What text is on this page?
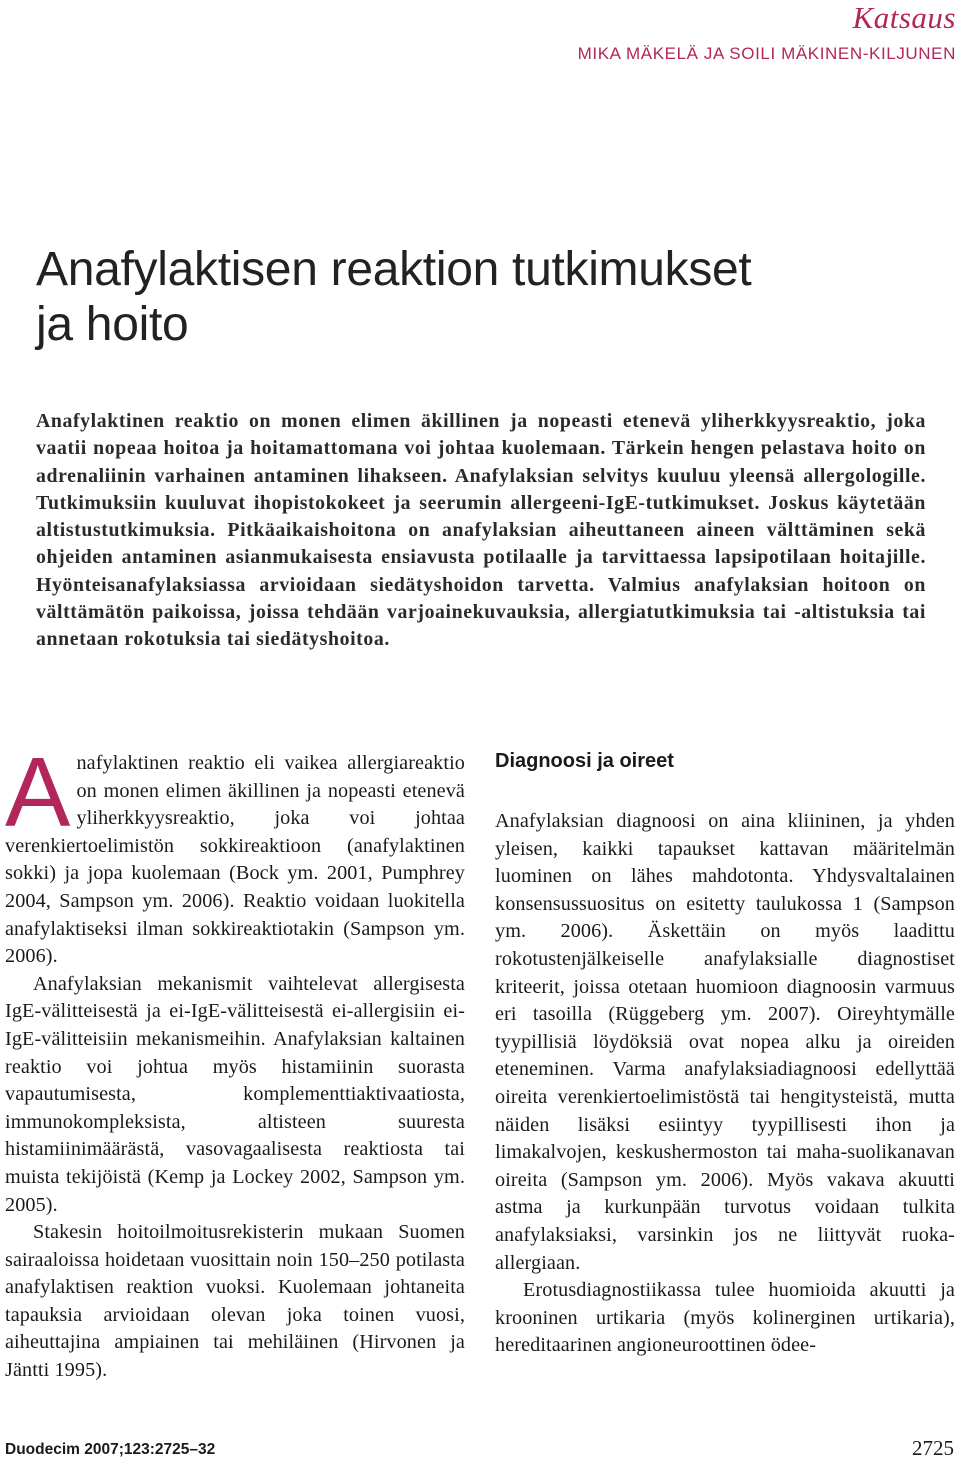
Katsaus
MIKA MÄKELÄ JA SOILI MÄKINEN-KILJUNEN
Anafylaktisen reaktion tutkimukset
ja hoito

Anafylaktinen reaktio on monen elimen äkillinen ja nopeasti etenevä yliherkkyysreaktio, joka vaatii nopeaa hoitoa ja hoitamattomana voi johtaa kuolemaan. Tärkein hengen pelastava hoito on adrenaliinin varhainen antaminen lihakseen. Anafylaksian selvitys kuuluu yleensä allergologille. Tutkimuksiin kuuluvat ihopistokokeet ja seerumin allergeeni-IgE-tutkimukset. Joskus käytetään altistustutkimuksia. Pitkäaikaishoitona on anafylaksian aiheuttaneen aineen välttäminen sekä ohjeiden antaminen asianmukaisesta ensiavusta potilaalle ja tarvittaessa lapsipotilaan hoitajille. Hyönteisanafylaksiassa arvioidaan siedätyshoidon tarvetta. Valmius anafylaksian hoitoon on välttämätön paikoissa, joissa tehdään varjoainekuvauksia, allergiatutkimuksia tai -altistuksia tai annetaan rokotuksia tai siedätyshoitoa.

Anafylaktinen reaktio eli vaikea allergiareaktio on monen elimen äkillinen ja nopeasti etenevä yliherkkyysreaktio, joka voi johtaa verenkiertoelimistön sokkireaktioon (anafylaktinen sokki) ja jopa kuolemaan (Bock ym. 2001, Pumphrey 2004, Sampson ym. 2006). Reaktio voidaan luokitella anafylaktiseksi ilman sokkireaktiotakin (Sampson ym. 2006).

Anafylaksian mekanismit vaihtelevat allergisesta IgE-välitteisestä ja ei-IgE-välitteisestä ei-allergisiin ei-IgE-välitteisiin mekanismeihin. Anafylaksian kaltainen reaktio voi johtua myös histamiinin suorasta vapautumisesta, komplementtiaktivaatiosta, immunokompleksista, altisteen suuresta histamiinimäärästä, vasovagaalisesta reaktiosta tai muista tekijöistä (Kemp ja Lockey 2002, Sampson ym. 2005).

Stakesin hoitoilmoitusrekisterin mukaan Suomen sairaaloissa hoidetaan vuosittain noin 150–250 potilasta anafylaktisen reaktion vuoksi. Kuolemaan johtaneita tapauksia arvioidaan olevan joka toinen vuosi, aiheuttajina ampiainen tai mehiläinen (Hirvonen ja Jäntti 1995).

Diagnoosi ja oireet

Anafylaksian diagnoosi on aina kliininen, ja yhden yleisen, kaikki tapaukset kattavan määritelmän luominen on lähes mahdotonta. Yhdysvaltalainen konsensussuositus on esitetty taulukossa 1 (Sampson ym. 2006). Äskettäin on myös laadittu rokotustenjälkeiselle anafylaksialle diagnostiset kriteerit, joissa otetaan huomioon diagnoosin varmuus eri tasoilla (Rüggeberg ym. 2007). Oireyhtymälle tyypillisiä löydöksiä ovat nopea alku ja oireiden eteneminen. Varma anafylaksiadiagnoosi edellyttää oireita verenkiertoelimistöstä tai hengitysteistä, mutta näiden lisäksi esiintyy tyypillisesti ihon ja limakalvojen, keskushermoston tai maha-suolikanavan oireita (Sampson ym. 2006). Myös vakava akuutti astma ja kurkunpään turvotus voidaan tulkita anafylaksiaksi, varsinkin jos ne liittyvät ruoka-allergiaan.

Erotusdiagnostiikassa tulee huomioida akuutti ja krooninen urtikaria (myös kolinerginen urtikaria), hereditaarinen angioneuroottinen ödee-

Duodecim 2007;123:2725–32	2725
